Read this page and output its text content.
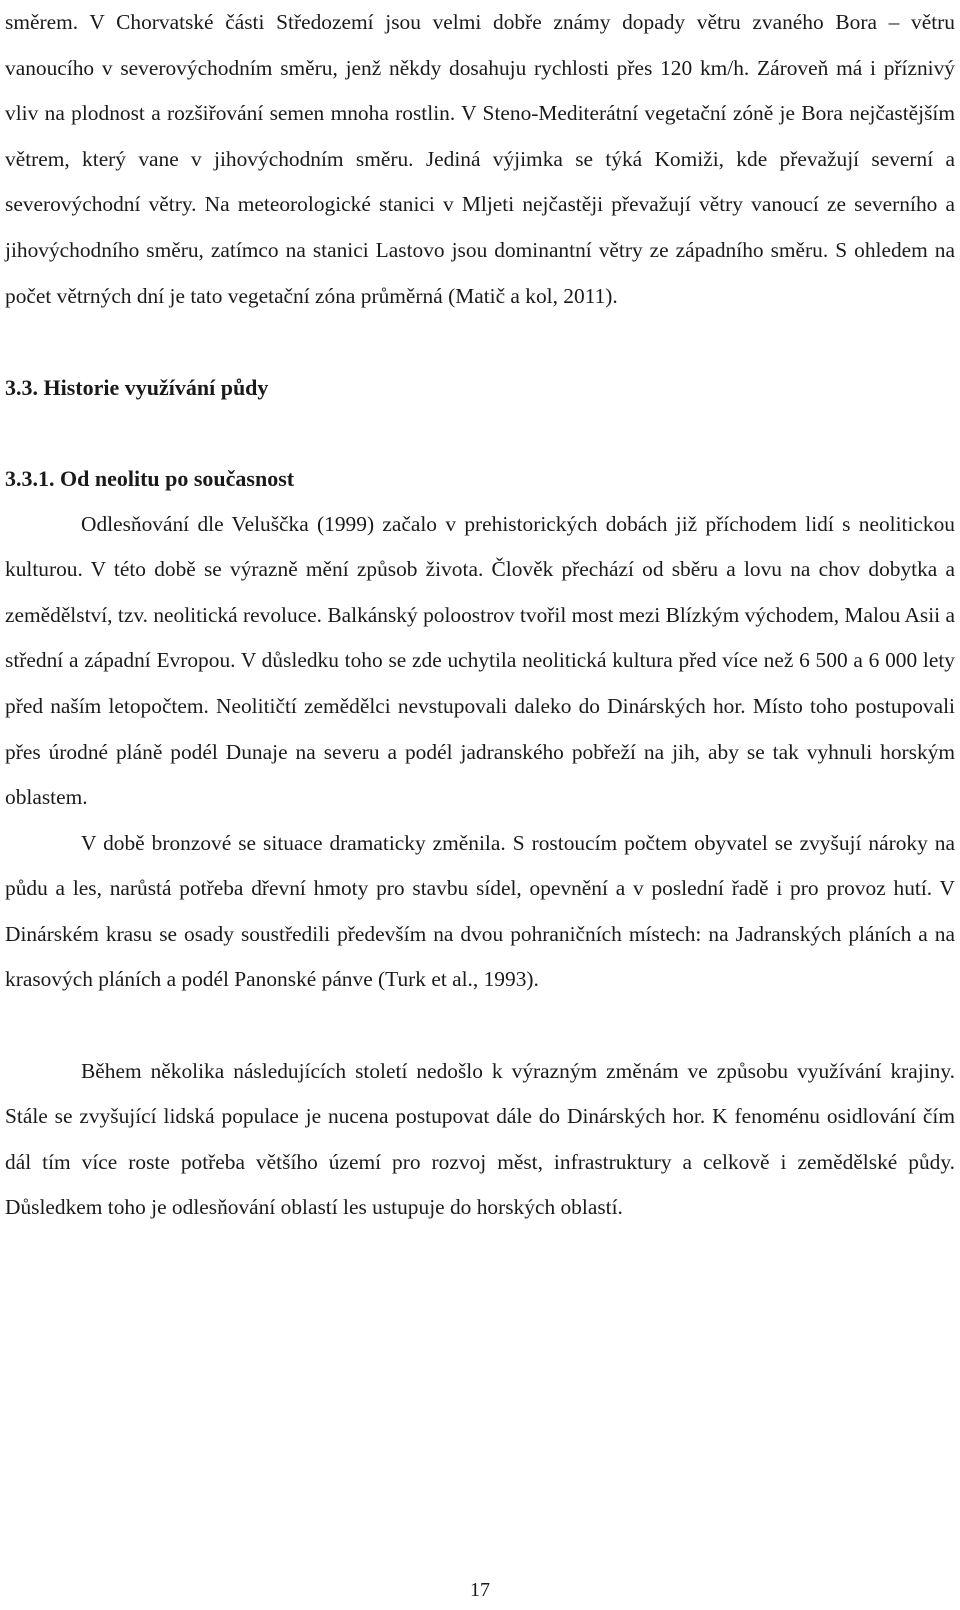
směrem. V Chorvatské části Středozemí jsou velmi dobře známy dopady větru zvaného Bora – větru vanoucího v severovýchodním směru, jenž někdy dosahuju rychlosti přes 120 km/h. Zároveň má i příznivý vliv na plodnost a rozšiřování semen mnoha rostlin. V Steno-Mediterátní vegetační zóně je Bora nejčastějším větrem, který vane v jihovýchodním směru. Jediná výjimka se týká Komiži, kde převažují severní a severovýchodní větry. Na meteorologické stanici v Mljeti nejčastěji převažují větry vanoucí ze severního a jihovýchodního směru, zatímco na stanici Lastovo jsou dominantní větry ze západního směru. S ohledem na počet větrných dní je tato vegetační zóna průměrná (Matič a kol, 2011).

3.3. Historie využívání půdy
3.3.1. Od neolitu po současnost

Odlesňování dle Veluščka (1999) začalo v prehistorických dobách již příchodem lidí s neolitickou kulturou. V této době se výrazně mění způsob života. Člověk přechází od sběru a lovu na chov dobytka a zemědělství, tzv. neolitická revoluce. Balkánský poloostrov tvořil most mezi Blízkým východem, Malou Asii a střední a západní Evropou. V důsledku toho se zde uchytila neolitická kultura před více než 6 500 a 6 000 lety před naším letopočtem. Neolitičtí zemědělci nevstupovali daleko do Dinárských hor. Místo toho postupovali přes úrodné pláně podél Dunaje na severu a podél jadranského pobřeží na jih, aby se tak vyhnuli horským oblastem.

V době bronzové se situace dramaticky změnila. S rostoucím počtem obyvatel se zvyšují nároky na půdu a les, narůstá potřeba dřevní hmoty pro stavbu sídel, opevnění a v poslední řadě i pro provoz hutí. V Dinárském krasu se osady soustředili především na dvou pohraničních místech: na Jadranských pláních a na krasových pláních a podél Panonské pánve (Turk et al., 1993).

Během několika následujících století nedošlo k výrazným změnám ve způsobu využívání krajiny. Stále se zvyšující lidská populace je nucena postupovat dále do Dinárských hor. K fenoménu osidlování čím dál tím více roste potřeba většího území pro rozvoj měst, infrastruktury a celkově i zemědělské půdy. Důsledkem toho je odlesňování oblastí les ustupuje do horských oblastí.

17
